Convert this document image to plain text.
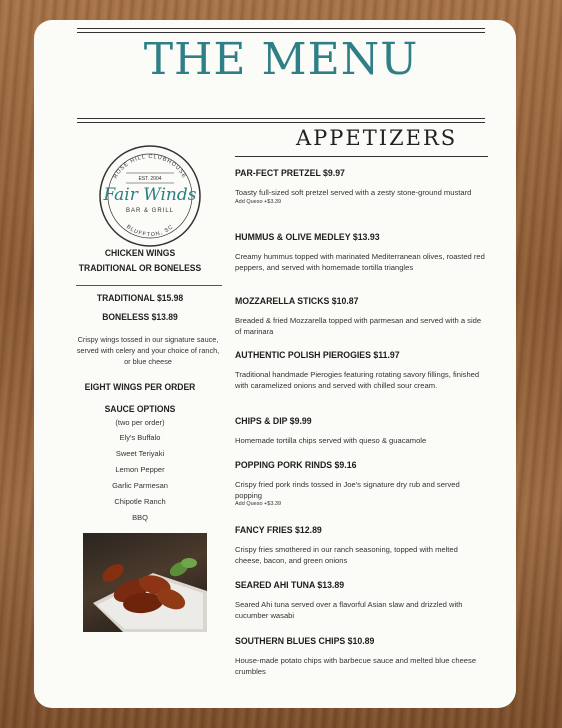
THE MENU
APPETIZERS
ROSE HILL CLUBHOUSE
BLUFFTON, SC
EST. 2004
Fair Winds
BAR & GRILL
CHICKEN WINGS
TRADITIONAL OR BONELESS
TRADITIONAL $15.98
BONELESS $13.89
Crispy wings tossed in our signature sauce, served with celery and your choice of ranch, or blue cheese
EIGHT WINGS PER ORDER
SAUCE OPTIONS
(two per order)
Ely's Buffalo
Sweet Teriyaki
Lemon Pepper
Garlic Parmesan
Chipotle Ranch
BBQ
PAR-FECT PRETZEL $9.97
Toasty full-sized soft pretzel served with a zesty stone-ground mustard
Add Queso +$3.39
HUMMUS & OLIVE MEDLEY $13.93
Creamy hummus topped with marinated Mediterranean olives, roasted red peppers, and served with homemade tortilla triangles
MOZZARELLA STICKS $10.87
Breaded & fried Mozzarella topped with parmesan and served with a side of marinara
AUTHENTIC POLISH PIEROGIES $11.97
Traditional handmade Pierogies featuring rotating savory fillings, finished with caramelized onions and served with chilled sour cream.
CHIPS & DIP $9.99
Homemade tortilla chips served with queso & guacamole
POPPING PORK RINDS $9.16
Crispy fried pork rinds tossed in Joe's signature dry rub and served popping
Add Queso +$3.39
FANCY FRIES $12.89
Crispy fries smothered in our ranch seasoning, topped with melted cheese, bacon, and green onions
SEARED AHI TUNA $13.89
Seared Ahi tuna served over a flavorful Asian slaw and drizzled with cucumber wasabi
SOUTHERN BLUES CHIPS $10.89
House-made potato chips with barbecue sauce and melted blue cheese crumbles
